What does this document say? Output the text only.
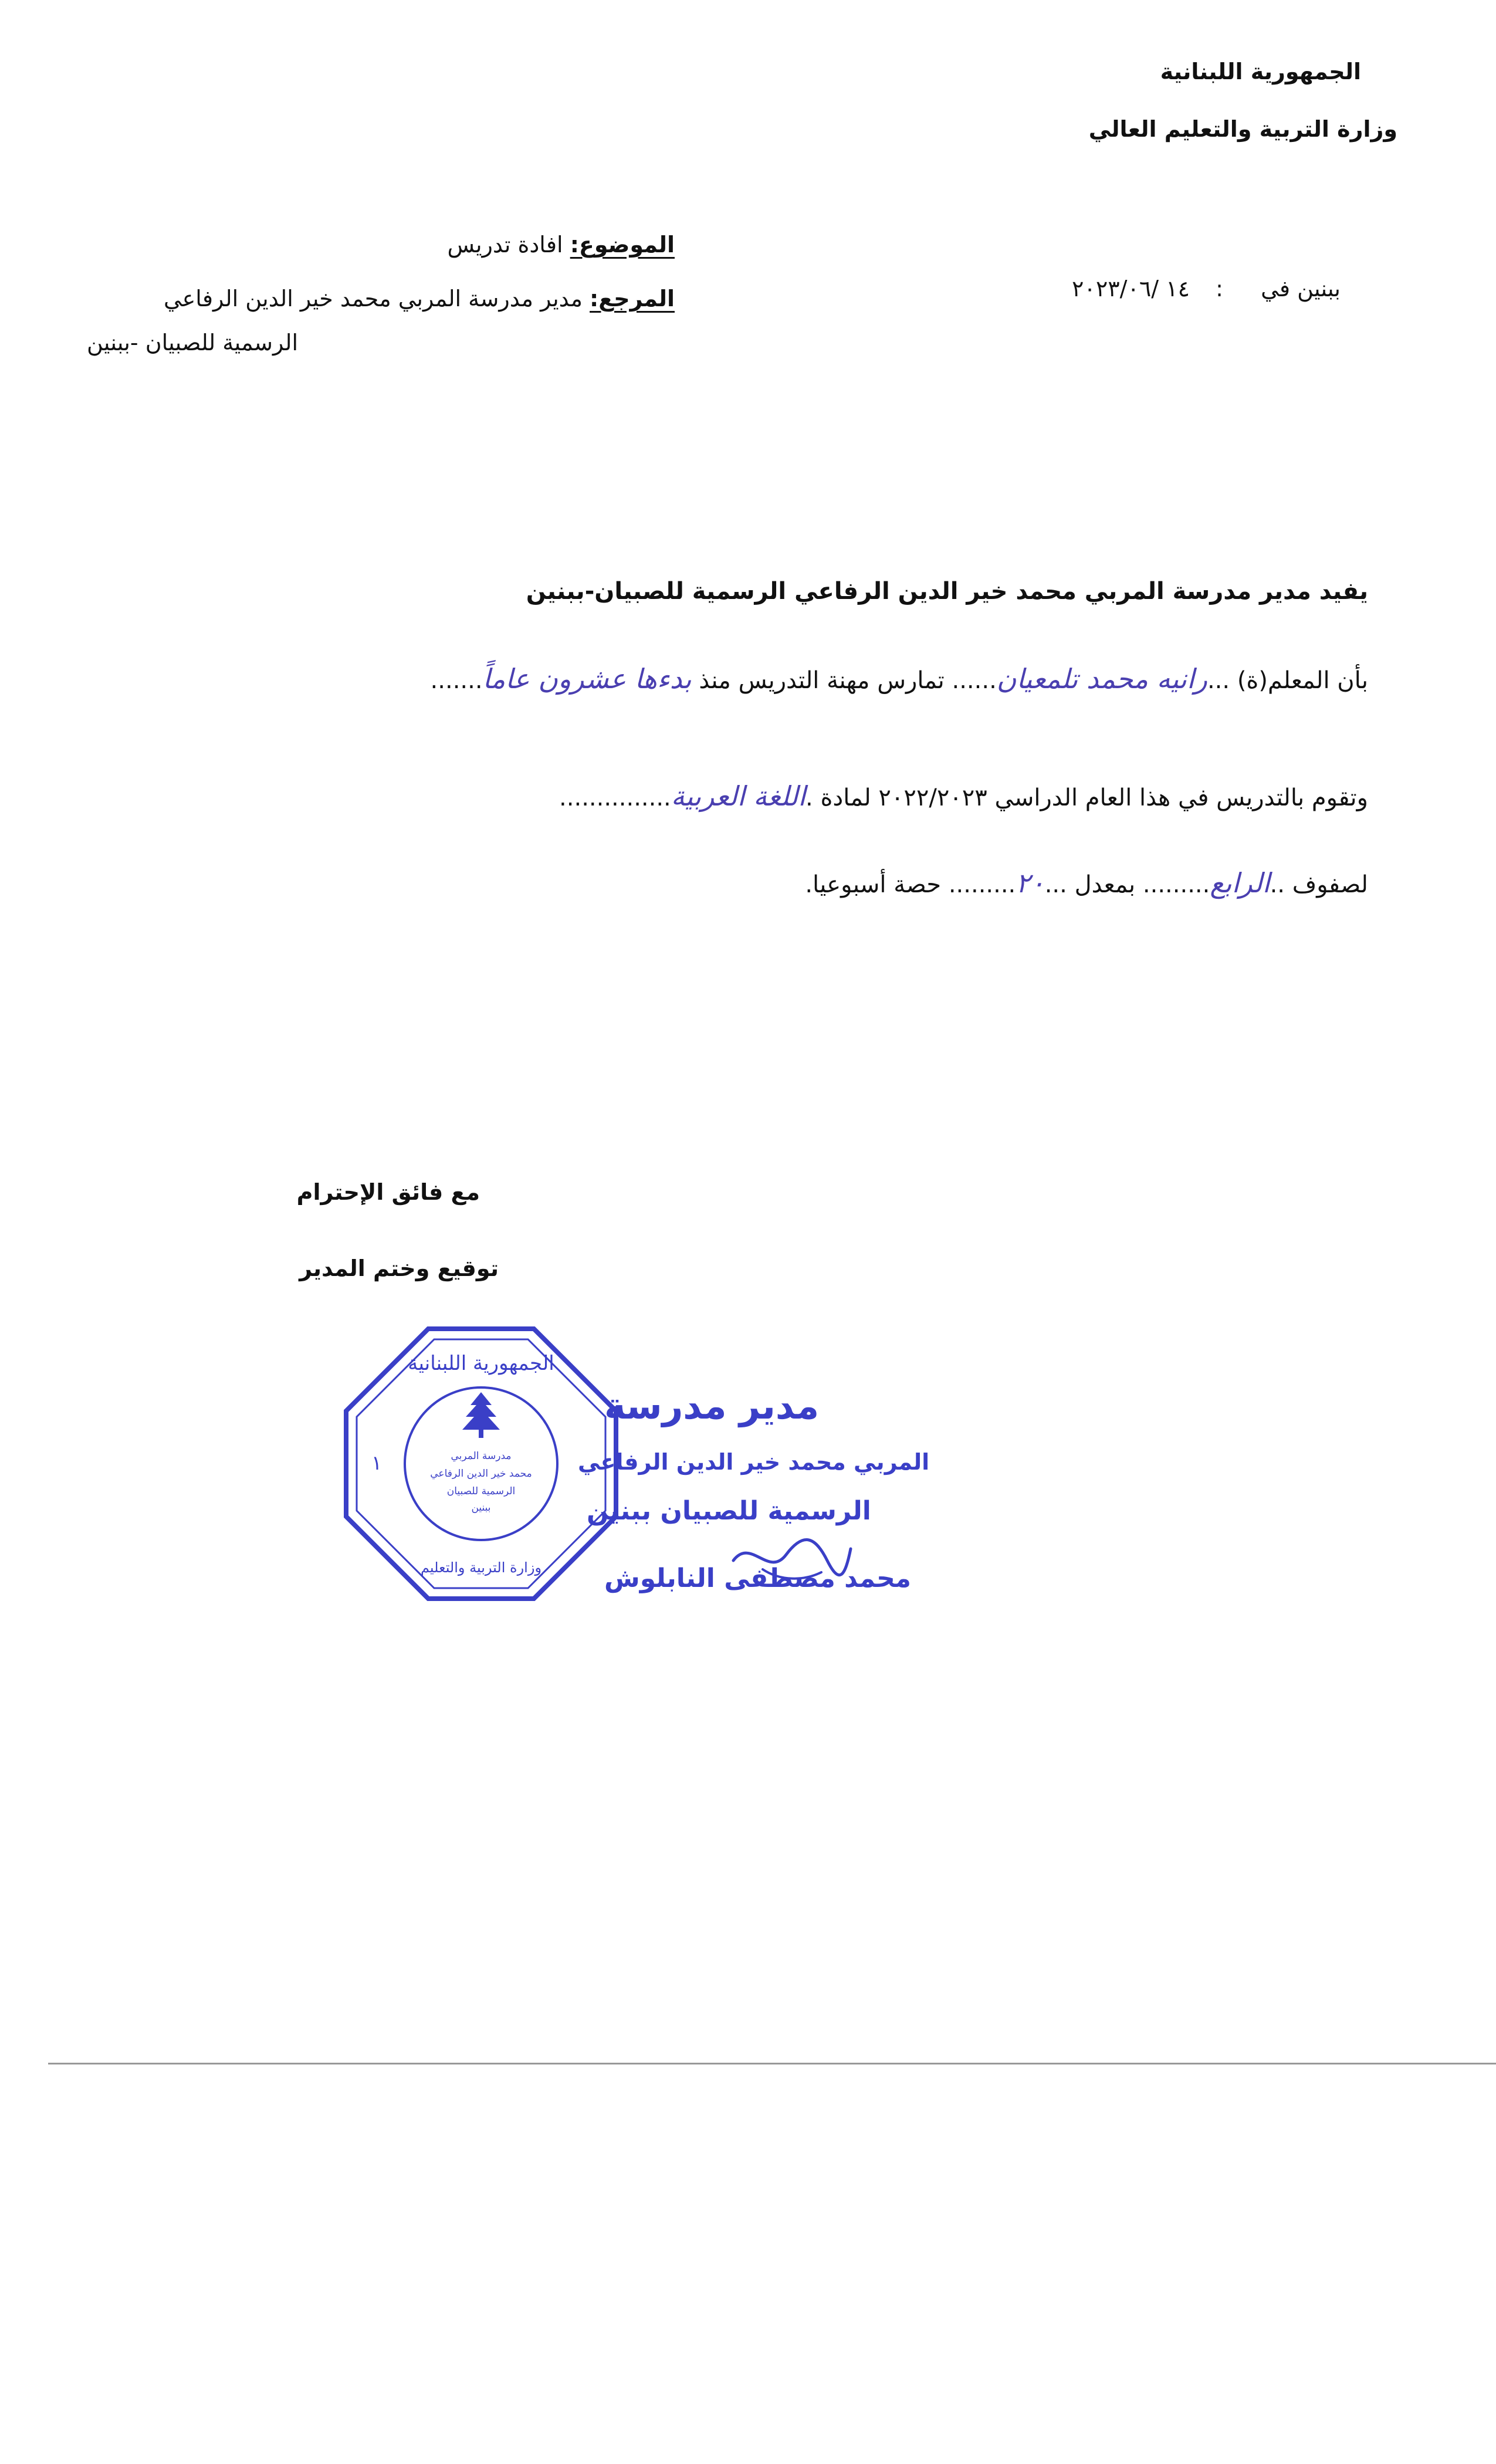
الجمهورية اللبنانية
وزارة التربية والتعليم العالي
الموضوع: افادة تدريس
المرجع: مدير مدرسة المربي محمد خير الدين الرفاعي
الرسمية للصبيان -ببنين
ببنين في  :  ١٤ /٢٠٢٣/٠٦
يفيد مدير مدرسة المربي محمد خير الدين الرفاعي الرسمية للصبيان-ببنين
بأن المعلم(ة) ...رانيه محمد تلمعيان...... تمارس مهنة التدريس منذ بدءها عشرون عاماً.......
وتقوم بالتدريس في هذا العام الدراسي ٢٠٢٢/٢٠٢٣ لمادة .اللغة العربية...............
لصفوف ..الرابع......... بمعدل ...٢٠......... حصة أسبوعيا.
مع فائق الإحترام
توقيع وختم المدير
مدرسة المربي
محمد خير الدين الرفاعي
الرسمية للصبيان
ببنين
الجمهورية اللبنانية
وزارة التربية والتعليم
١
مدير مدرسة
المربي محمد خير الدين الرفاعي
الرسمية للصبيان ببنين
محمد مصطفى النابلوش
